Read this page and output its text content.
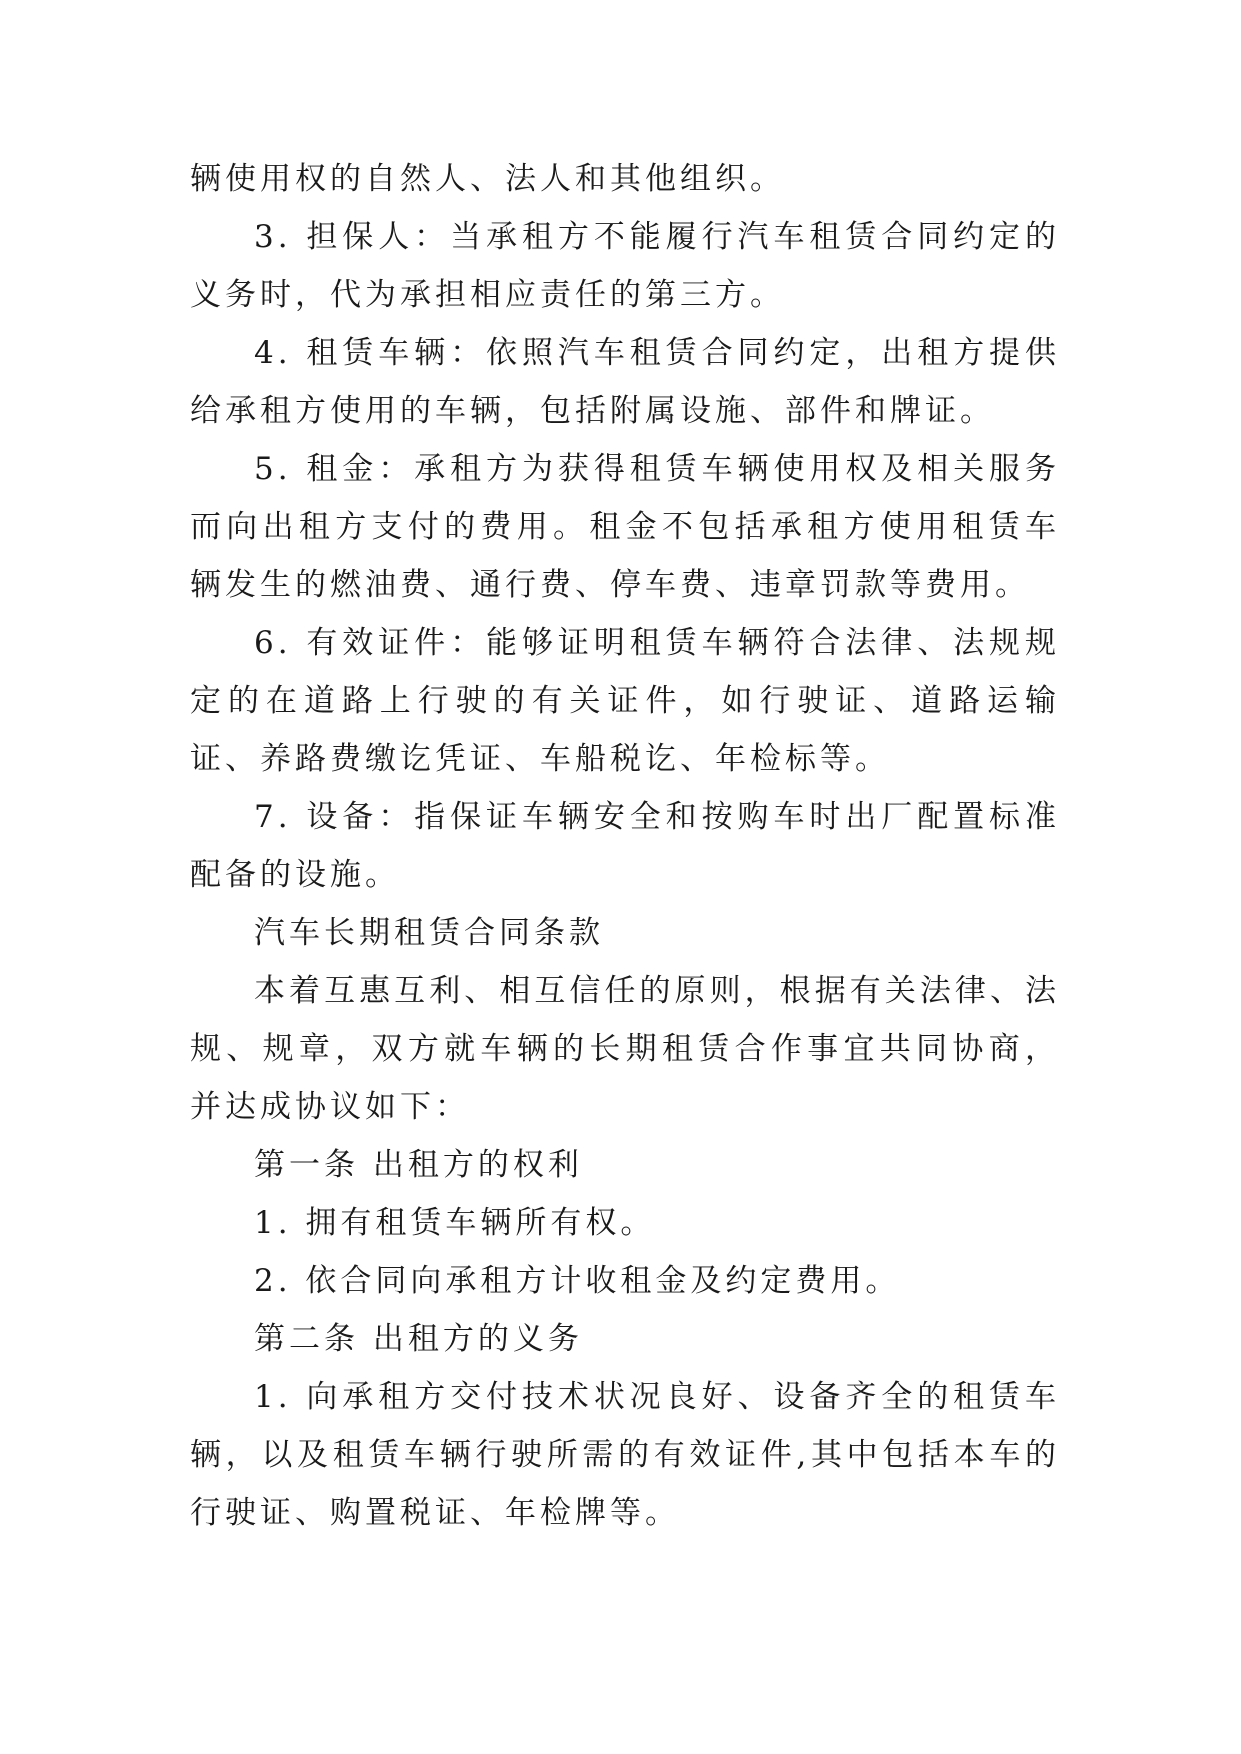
辆使用权的自然人、法人和其他组织。

3. 担保人：当承租方不能履行汽车租赁合同约定的义务时，代为承担相应责任的第三方。

4. 租赁车辆：依照汽车租赁合同约定，出租方提供给承租方使用的车辆，包括附属设施、部件和牌证。

5. 租金：承租方为获得租赁车辆使用权及相关服务而向出租方支付的费用。租金不包括承租方使用租赁车辆发生的燃油费、通行费、停车费、违章罚款等费用。

6. 有效证件：能够证明租赁车辆符合法律、法规规定的在道路上行驶的有关证件，如行驶证、道路运输证、养路费缴讫凭证、车船税讫、年检标等。

7. 设备：指保证车辆安全和按购车时出厂配置标准配备的设施。

汽车长期租赁合同条款

本着互惠互利、相互信任的原则，根据有关法律、法规、规章，双方就车辆的长期租赁合作事宜共同协商，并达成协议如下：

第一条 出租方的权利

1. 拥有租赁车辆所有权。

2. 依合同向承租方计收租金及约定费用。

第二条 出租方的义务

1. 向承租方交付技术状况良好、设备齐全的租赁车辆，以及租赁车辆行驶所需的有效证件,其中包括本车的行驶证、购置税证、年检牌等。
